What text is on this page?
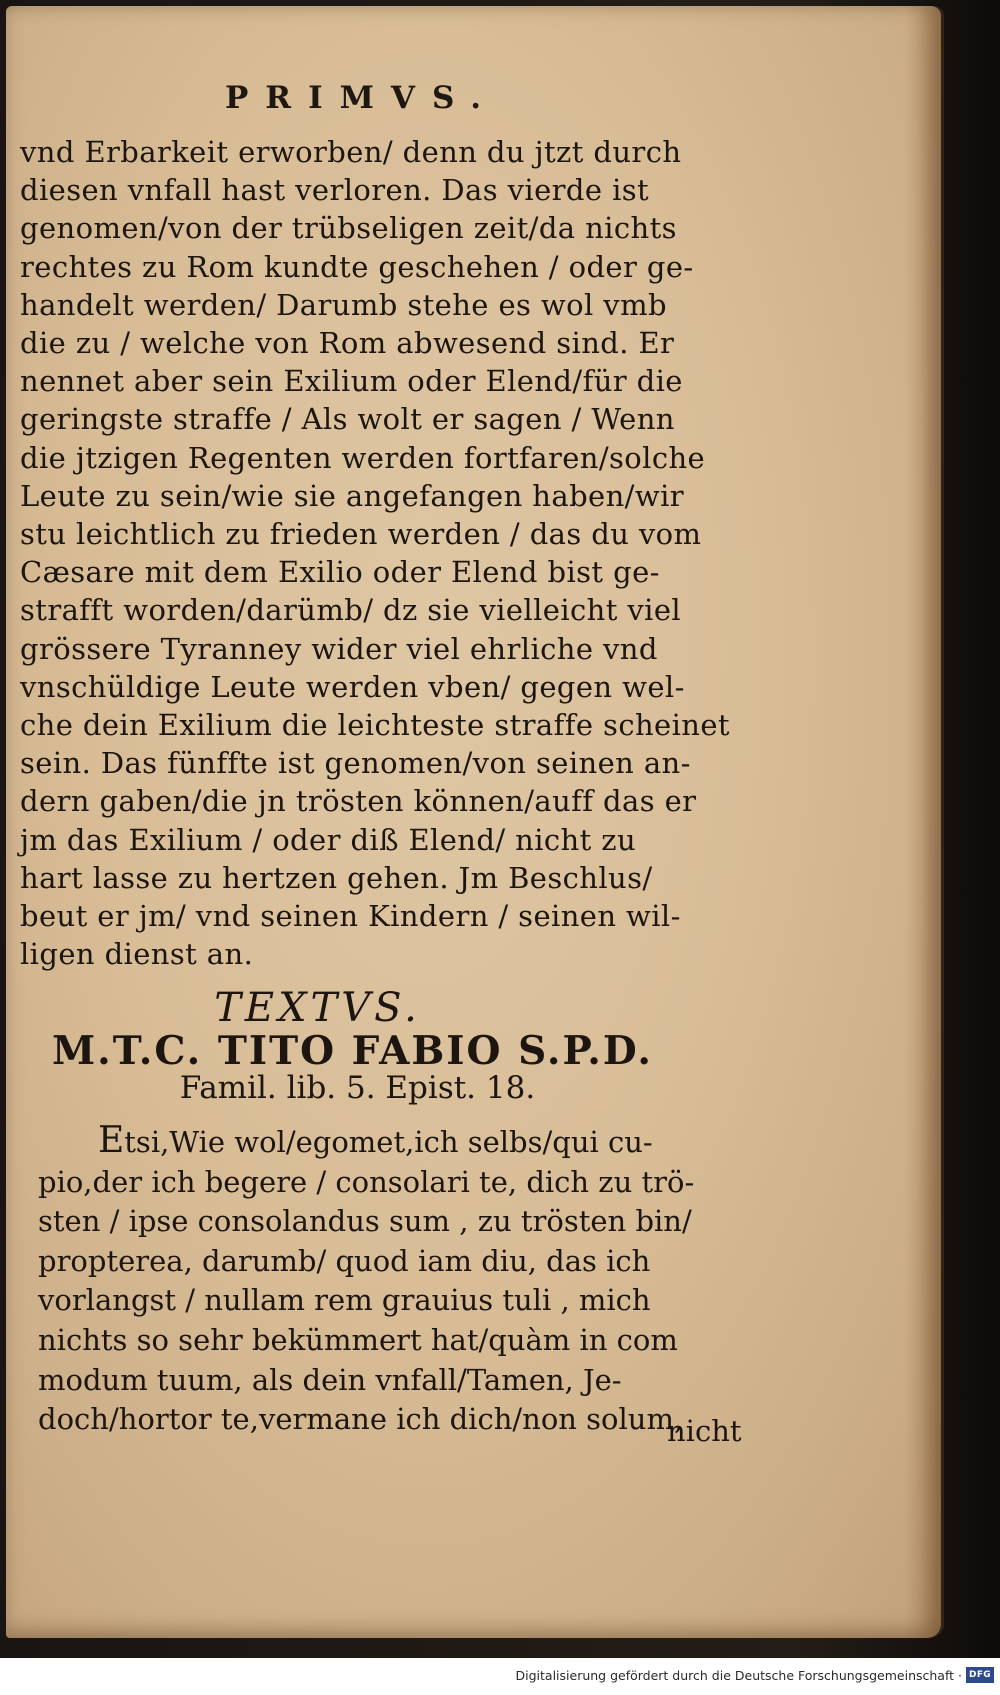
PRIMVS.
vnd Erbarkeit erworben/ denn du jtzt durch
diesen vnfall hast verloren. Das vierde ist
genomen/von der trübseligen zeit/da nichts
rechtes zu Rom kundte geschehen / oder ge-
handelt werden/ Darumb stehe es wol vmb
die zu / welche von Rom abwesend sind. Er
nennet aber sein Exilium oder Elend/für die
geringste straffe / Als wolt er sagen / Wenn
die jtzigen Regenten werden fortfaren/solche
Leute zu sein/wie sie angefangen haben/wir
stu leichtlich zu frieden werden / das du vom
Cæsare mit dem Exilio oder Elend bist ge-
strafft worden/darümb/ dz sie vielleicht viel
grössere Tyranney wider viel ehrliche vnd
vnschüldige Leute werden vben/ gegen wel-
che dein Exilium die leichteste straffe scheinet
sein. Das fünffte ist genomen/von seinen an-
dern gaben/die jn trösten können/auff das er
jm das Exilium / oder diß Elend/ nicht zu
hart lasse zu hertzen gehen. Jm Beschlus/
beut er jm/ vnd seinen Kindern / seinen wil-
ligen dienst an.
TEXTVS.
M.T.C. TITO FABIO S.P.D.
Famil. lib. 5. Epist. 18.
Etsi,Wie wol/egomet,ich selbs/qui cu-
pio,der ich begere / consolari te, dich zu trö-
sten / ipse consolandus sum , zu trösten bin/
propterea, darumb/ quod iam diu, das ich
vorlangst / nullam rem grauius tuli , mich
nichts so sehr bekümmert hat/quàm in com
modum tuum, als dein vnfall/Tamen, Je-
doch/hortor te,vermane ich dich/non solum,
nicht
Digitalisierung gefördert durch die Deutsche Forschungsgemeinschaft · DFG
